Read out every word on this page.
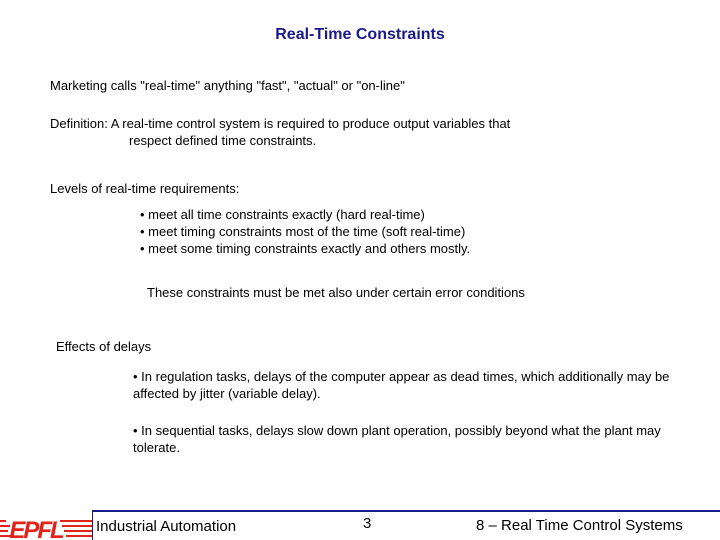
Real-Time Constraints
Marketing calls "real-time" anything "fast", "actual" or "on-line"
Definition: A real-time control system is required to produce output variables that
respect defined time constraints.
Levels of real-time requirements:
• meet all time constraints exactly (hard real-time)
• meet timing constraints most of the time (soft real-time)
• meet some timing constraints exactly and others mostly.
These constraints must be met also under certain error conditions
Effects of delays
• In regulation tasks, delays of the computer appear as dead times, which additionally may be
affected by jitter (variable delay).
• In sequential tasks, delays slow down plant operation, possibly beyond what the plant may
tolerate.
EPFL Industrial Automation	3	8 – Real Time Control Systems
